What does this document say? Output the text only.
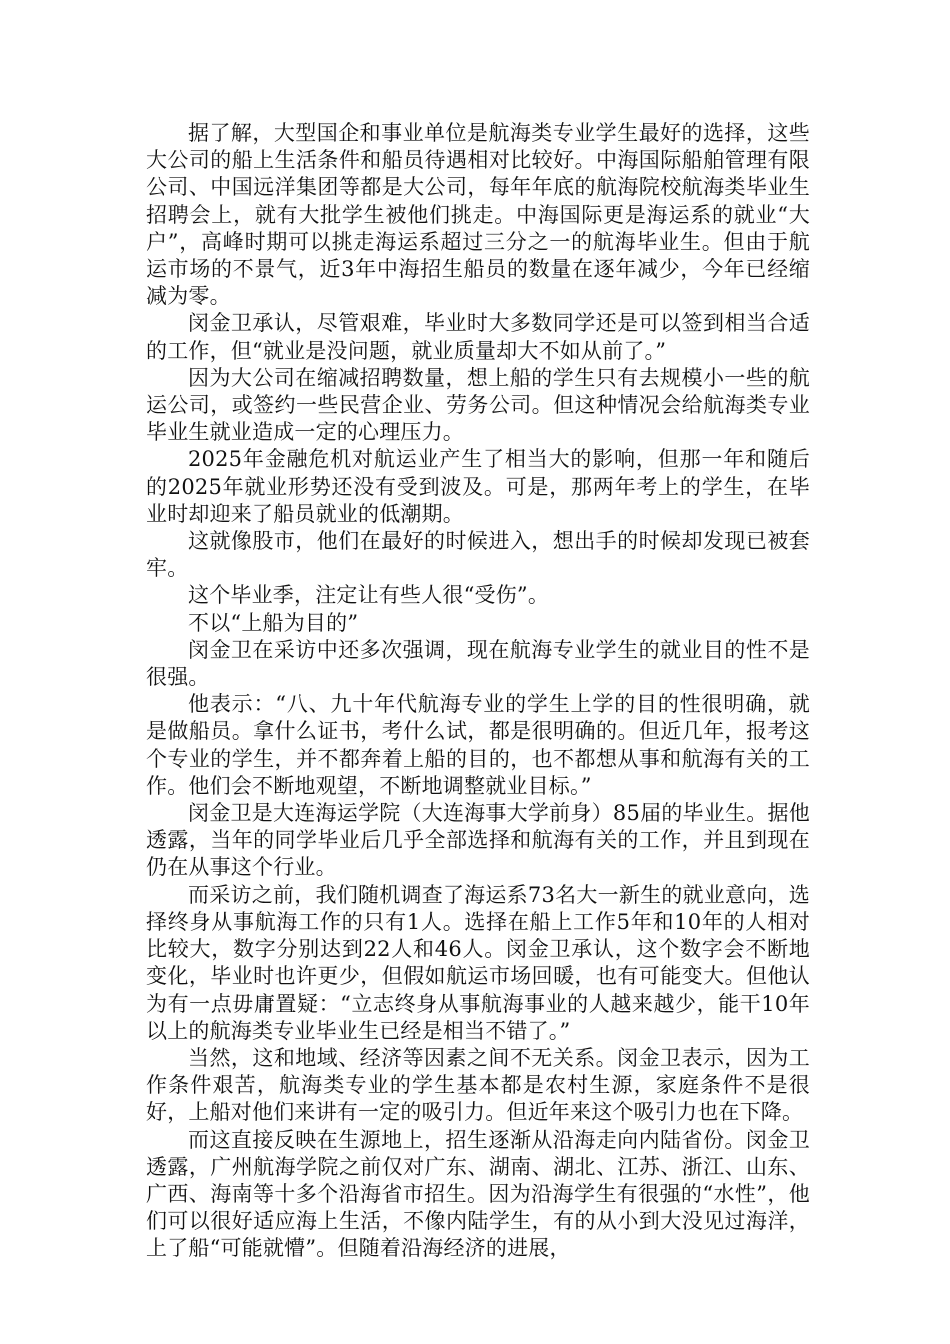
据了解，大型国企和事业单位是航海类专业学生最好的选择，这些大公司的船上生活条件和船员待遇相对比较好。中海国际船舶管理有限公司、中国远洋集团等都是大公司，每年年底的航海院校航海类毕业生招聘会上，就有大批学生被他们挑走。中海国际更是海运系的就业“大户”，高峰时期可以挑走海运系超过三分之一的航海毕业生。但由于航运市场的不景气，近3年中海招生船员的数量在逐年减少，今年已经缩减为零。

闵金卫承认，尽管艰难，毕业时大多数同学还是可以签到相当合适的工作，但“就业是没问题，就业质量却大不如从前了。”

因为大公司在缩减招聘数量，想上船的学生只有去规模小一些的航运公司，或签约一些民营企业、劳务公司。但这种情况会给航海类专业毕业生就业造成一定的心理压力。

2025年金融危机对航运业产生了相当大的影响，但那一年和随后的2025年就业形势还没有受到波及。可是，那两年考上的学生，在毕业时却迎来了船员就业的低潮期。

这就像股市，他们在最好的时候进入，想出手的时候却发现已被套牢。

这个毕业季，注定让有些人很“受伤”。

不以“上船为目的”

闵金卫在采访中还多次强调，现在航海专业学生的就业目的性不是很强。

他表示：“八、九十年代航海专业的学生上学的目的性很明确，就是做船员。拿什么证书，考什么试，都是很明确的。但近几年，报考这个专业的学生，并不都奔着上船的目的，也不都想从事和航海有关的工作。他们会不断地观望，不断地调整就业目标。”

闵金卫是大连海运学院（大连海事大学前身）85届的毕业生。据他透露，当年的同学毕业后几乎全部选择和航海有关的工作，并且到现在仍在从事这个行业。

而采访之前，我们随机调查了海运系73名大一新生的就业意向，选择终身从事航海工作的只有1人。选择在船上工作5年和10年的人相对比较大，数字分别达到22人和46人。闵金卫承认，这个数字会不断地变化，毕业时也许更少，但假如航运市场回暖，也有可能变大。但他认为有一点毋庸置疑：“立志终身从事航海事业的人越来越少，能干10年以上的航海类专业毕业生已经是相当不错了。”

当然，这和地域、经济等因素之间不无关系。闵金卫表示，因为工作条件艰苦，航海类专业的学生基本都是农村生源，家庭条件不是很好，上船对他们来讲有一定的吸引力。但近年来这个吸引力也在下降。

而这直接反映在生源地上，招生逐渐从沿海走向内陆省份。闵金卫透露，广州航海学院之前仅对广东、湖南、湖北、江苏、浙江、山东、广西、海南等十多个沿海省市招生。因为沿海学生有很强的“水性”，他们可以很好适应海上生活，不像内陆学生，有的从小到大没见过海洋，上了船“可能就懵”。但随着沿海经济的进展，
